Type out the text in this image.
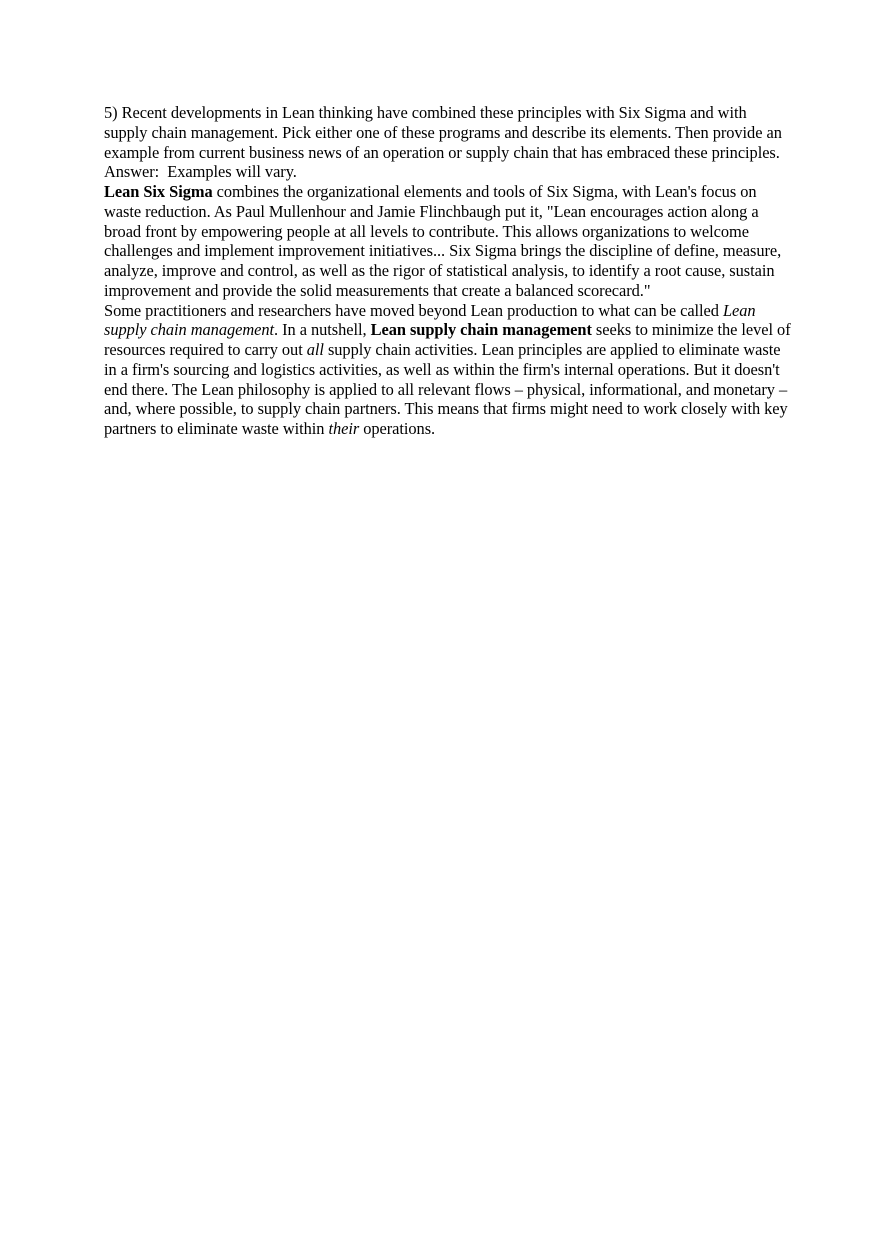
5) Recent developments in Lean thinking have combined these principles with Six Sigma and with supply chain management. Pick either one of these programs and describe its elements. Then provide an example from current business news of an operation or supply chain that has embraced these principles.

Answer: Examples will vary.

Lean Six Sigma combines the organizational elements and tools of Six Sigma, with Lean's focus on waste reduction. As Paul Mullenhour and Jamie Flinchbaugh put it, "Lean encourages action along a broad front by empowering people at all levels to contribute. This allows organizations to welcome challenges and implement improvement initiatives... Six Sigma brings the discipline of define, measure, analyze, improve and control, as well as the rigor of statistical analysis, to identify a root cause, sustain improvement and provide the solid measurements that create a balanced scorecard."

Some practitioners and researchers have moved beyond Lean production to what can be called Lean supply chain management. In a nutshell, Lean supply chain management seeks to minimize the level of resources required to carry out all supply chain activities. Lean principles are applied to eliminate waste in a firm's sourcing and logistics activities, as well as within the firm's internal operations. But it doesn't end there. The Lean philosophy is applied to all relevant flows – physical, informational, and monetary – and, where possible, to supply chain partners. This means that firms might need to work closely with key partners to eliminate waste within their operations.
